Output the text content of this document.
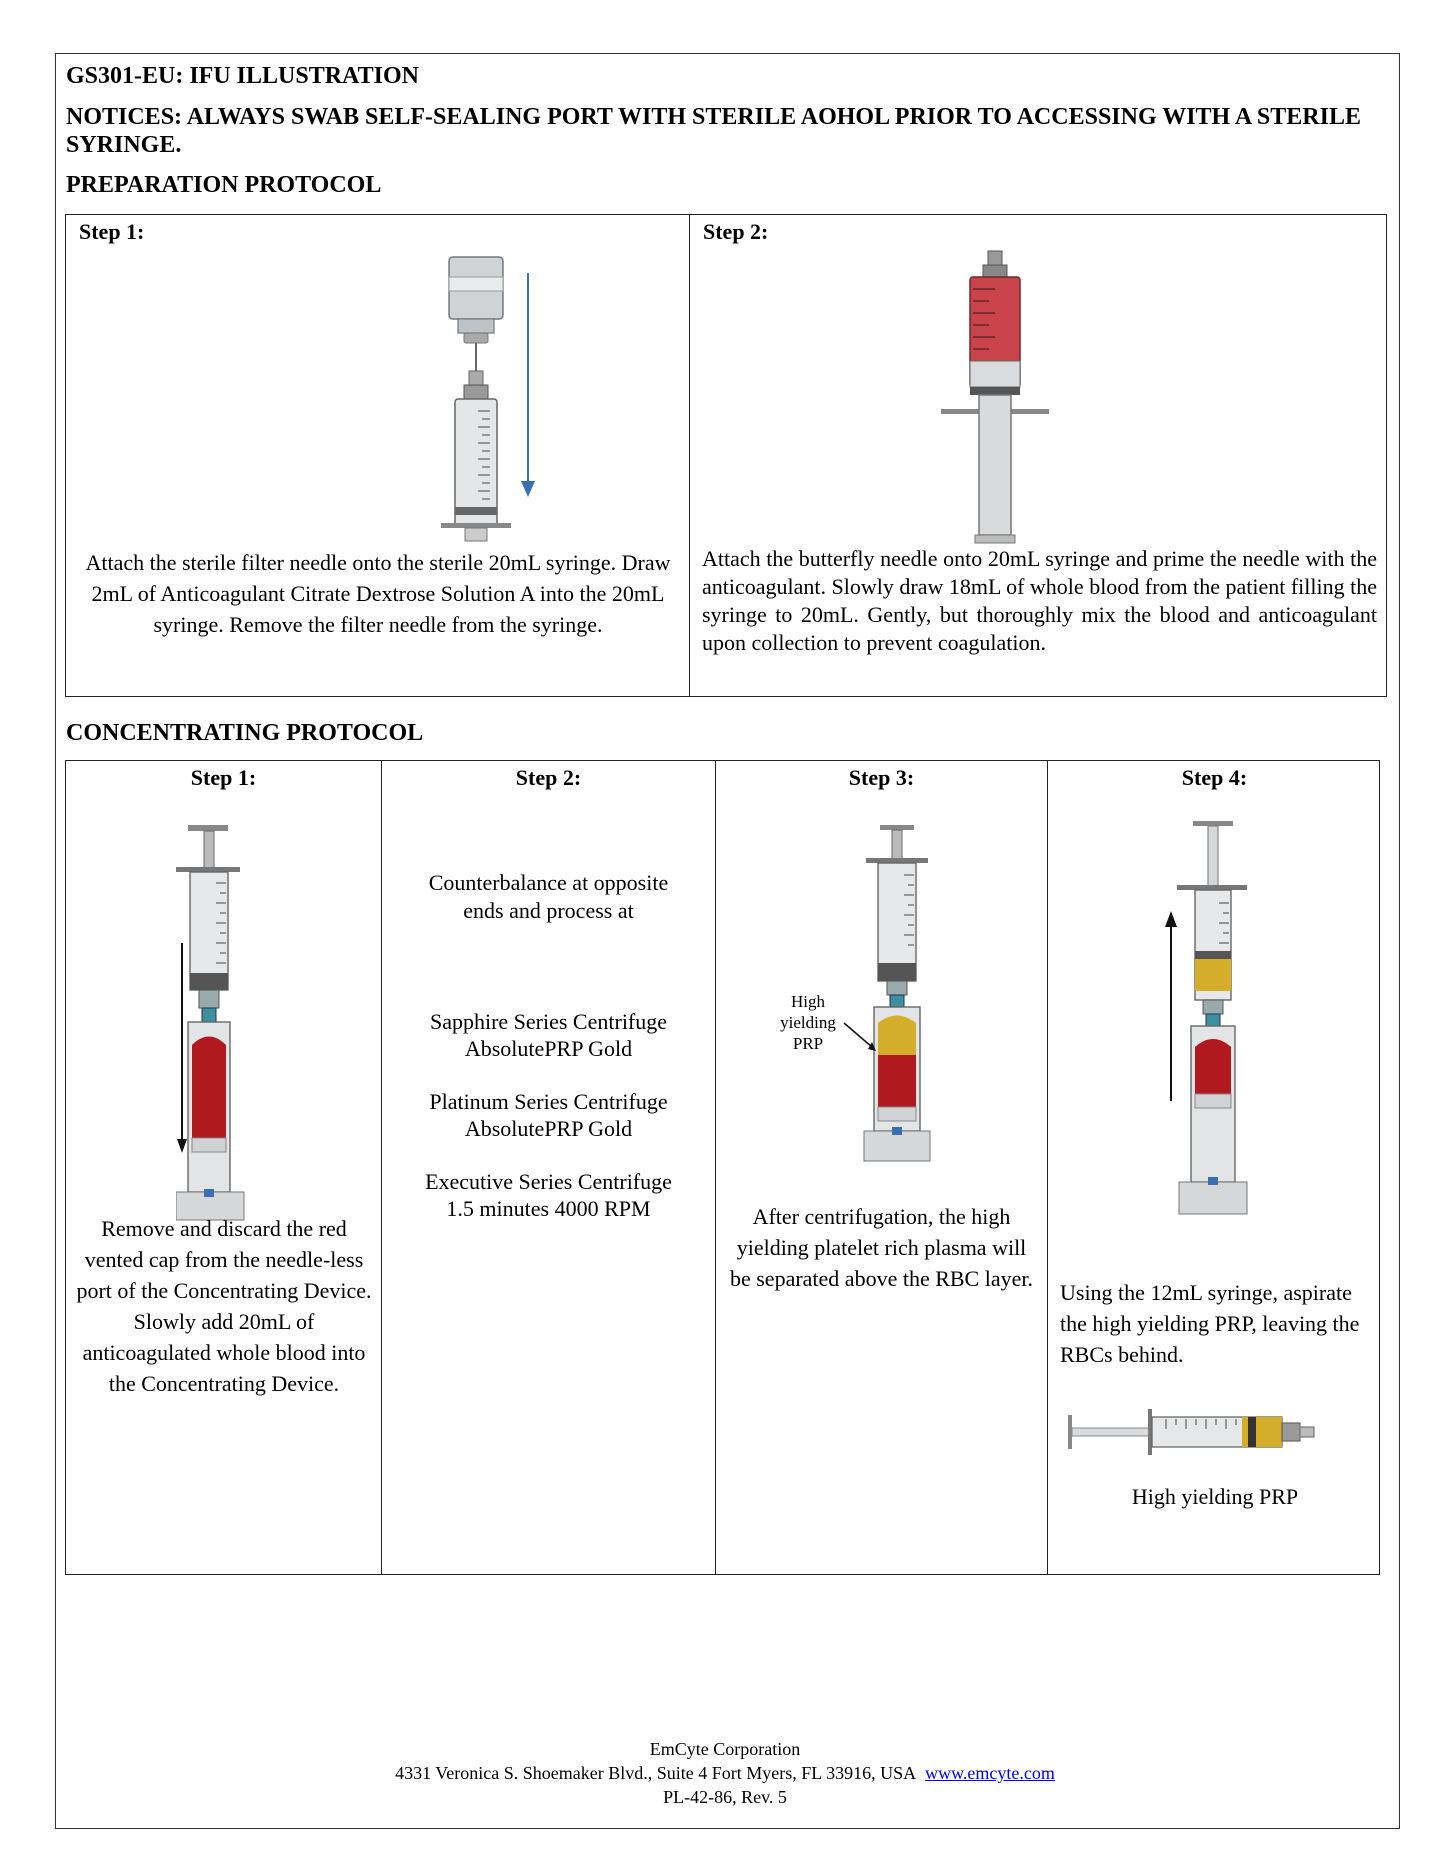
GS301-EU: IFU ILLUSTRATION
NOTICES: ALWAYS SWAB SELF-SEALING PORT WITH STERILE AOHOL PRIOR TO ACCESSING WITH A STERILE SYRINGE.
PREPARATION PROTOCOL
Step 1:
Attach the sterile filter needle onto the sterile 20mL syringe. Draw 2mL of Anticoagulant Citrate Dextrose Solution A into the 20mL syringe. Remove the filter needle from the syringe.

Step 2:
Attach the butterfly needle onto 20mL syringe and prime the needle with the anticoagulant. Slowly draw 18mL of whole blood from the patient filling the syringe to 20mL. Gently, but thoroughly mix the blood and anticoagulant upon collection to prevent coagulation.
CONCENTRATING PROTOCOL
Step 1:
Remove and discard the red vented cap from the needle-less port of the Concentrating Device. Slowly add 20mL of anticoagulated whole blood into the Concentrating Device.

Step 2:
Counterbalance at opposite ends and process at
Sapphire Series Centrifuge
AbsolutePRP Gold
Platinum Series Centrifuge
AbsolutePRP Gold
Executive Series Centrifuge
1.5 minutes 4000 RPM

Step 3:
High
yielding
PRP
After centrifugation, the high yielding platelet rich plasma will be separated above the RBC layer.

Step 4:
Using the 12mL syringe, aspirate the high yielding PRP, leaving the RBCs behind.
High yielding PRP
EmCyte Corporation
4331 Veronica S. Shoemaker Blvd., Suite 4 Fort Myers, FL 33916, USA www.emcyte.com
PL-42-86, Rev. 5
